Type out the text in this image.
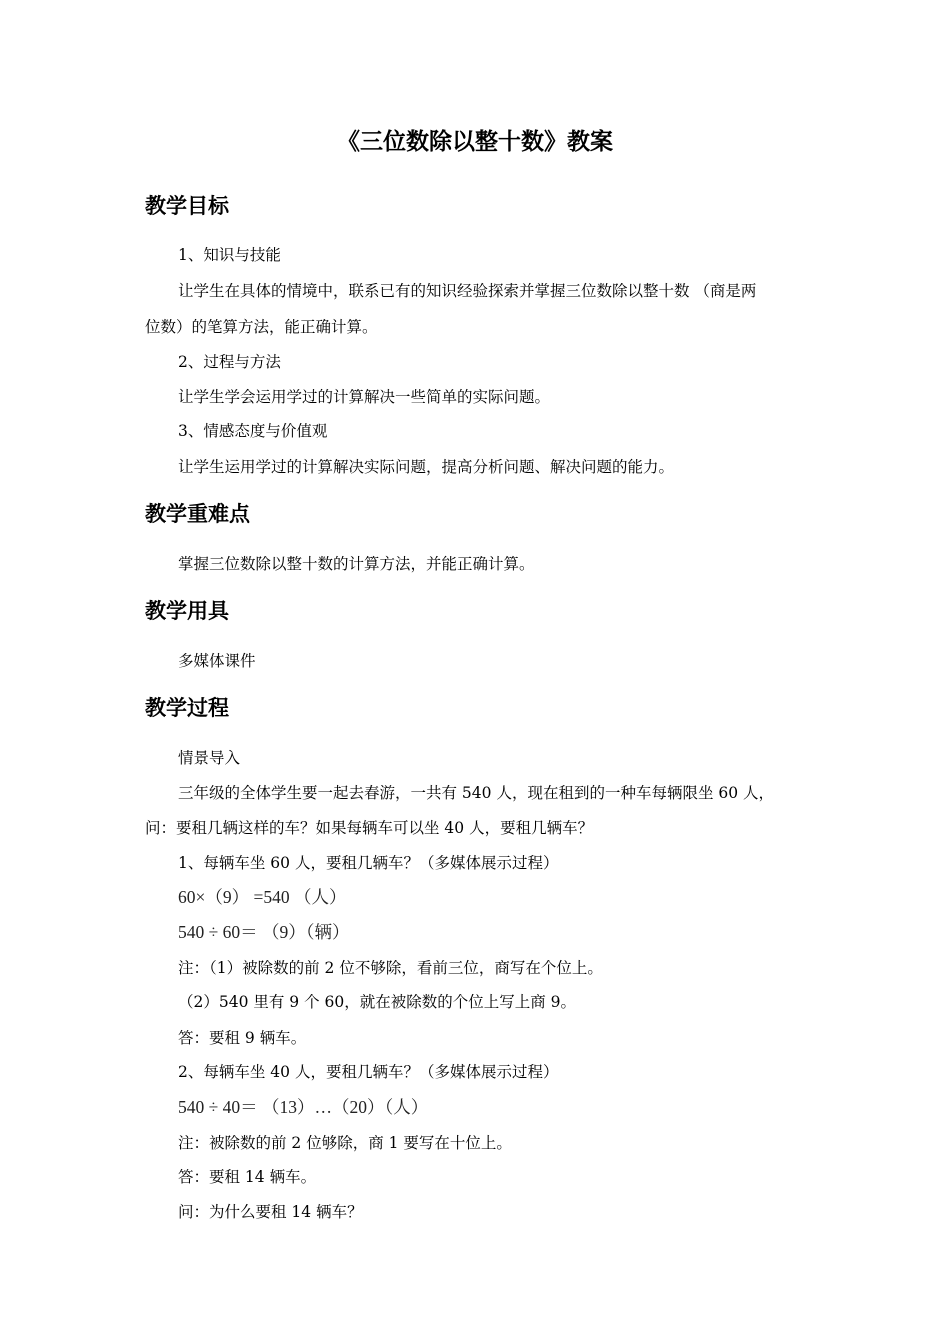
《三位数除以整十数》教案
教学目标
1、知识与技能
让学生在具体的情境中，联系已有的知识经验探索并掌握三位数除以整十数 （商是两
位数）的笔算方法，能正确计算。
2、过程与方法
让学生学会运用学过的计算解决一些简单的实际问题。
3、情感态度与价值观
让学生运用学过的计算解决实际问题，提高分析问题、解决问题的能力。
教学重难点
掌握三位数除以整十数的计算方法，并能正确计算。
教学用具
多媒体课件
教学过程
情景导入
三年级的全体学生要一起去春游，一共有 540 人，现在租到的一种车每辆限坐 60 人，
问：要租几辆这样的车？如果每辆车可以坐 40 人，要租几辆车？
1、每辆车坐 60 人，要租几辆车？（多媒体展示过程）
60×（9） =540 （人）
540 ÷ 60＝ （9）（辆）
注：（1）被除数的前 2 位不够除，看前三位，商写在个位上。
（2）540 里有 9 个 60，就在被除数的个位上写上商 9。
答：要租 9 辆车。
2、每辆车坐 40 人，要租几辆车？（多媒体展示过程）
540 ÷ 40＝ （13）…（20）（人）
注：被除数的前 2 位够除，商 1 要写在十位上。
答：要租 14 辆车。
问：为什么要租 14 辆车？
